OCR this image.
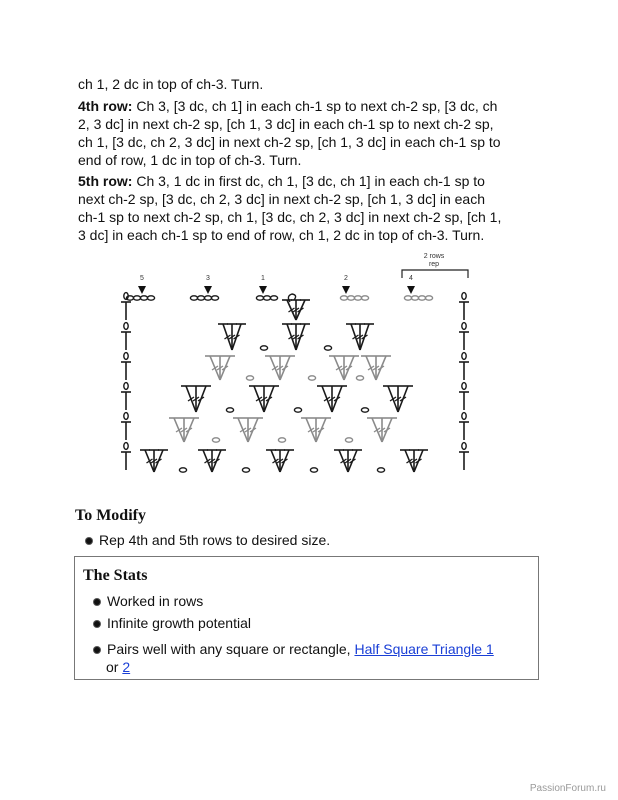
ch 1, 2 dc in top of ch-3. Turn.

4th row: Ch 3, [3 dc, ch 1] in each ch-1 sp to next ch-2 sp, [3 dc, ch

2, 3 dc] in next ch-2 sp, [ch 1, 3 dc] in each ch-1 sp to next ch-2 sp,

ch 1, [3 dc, ch 2, 3 dc] in next ch-2 sp, [ch 1, 3 dc] in each ch-1 sp to

end of row, 1 dc in top of ch-3. Turn.

5th row: Ch 3, 1 dc in first dc, ch 1, [3 dc, ch 1] in each ch-1 sp to

next ch-2 sp, [3 dc, ch 2, 3 dc] in next ch-2 sp, [ch 1, 3 dc] in each

ch-1 sp to next ch-2 sp, ch 1, [3 dc, ch 2, 3 dc] in next ch-2 sp, [ch 1,

3 dc] in each ch-1 sp to end of row, ch 1, 2 dc in top of ch-3. Turn.

5	3	1	2	4
2 rows
rep
To Modify
Rep 4th and 5th rows to desired size.
The Stats
Worked in rows
Infinite growth potential
Pairs well with any square or rectangle, Half Square Triangle 1
or 2
PassionForum.ru
